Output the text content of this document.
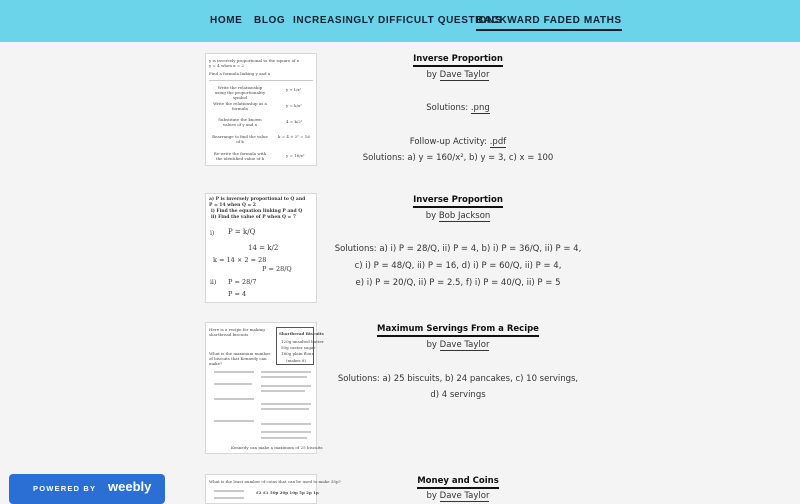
HOME BLOG INCREASINGLY DIFFICULT QUESTIONS
BACKWARD FADED MATHS
y is inversely proportional to the square of x
y = 4 when x = 2
Find a formula linking y and x
Write the relationship using the proportionality symbol
y ∝ 1/x²
Write the relationship as a formula
y = k/x²
Substitute the known values of y and x
4 = k/2²
Rearrange to find the value of k
k = 4 × 2² = 16
Re-write the formula with the identified value of k
y = 16/x²
Inverse Proportion
by Dave Taylor
Solutions: .png
Follow-up Activity: .pdf
Solutions: a) y = 160/x², b) y = 3, c) x = 100
a) P is inversely proportional to Q and
P = 14 when Q = 2
i) Find the equation linking P and Q
ii) Find the value of P when Q = 7
i) P = k/Q
14 = k/2
k = 14 × 2 = 28
P = 28/Q
ii) P = 28/7
P = 4
Inverse Proportion
by Bob Jackson
Solutions: a) i) P = 28/Q, ii) P = 4, b) i) P = 36/Q, ii) P = 4,
c) i) P = 48/Q, ii) P = 16, d) i) P = 60/Q, ii) P = 4,
e) i) P = 20/Q, ii) P = 2.5, f) i) P = 40/Q, ii) P = 5
Here is a recipe for making shortbread biscuits	Shortbread Biscuits
120g unsalted butter
50g caster sugar
180g plain flour
(makes 8)
What is the maximum number of biscuits that Kennedy can make?
Kennedy can make a maximum of 25 biscuits
Maximum Servings From a Recipe
by Dave Taylor
Solutions: a) 25 biscuits, b) 24 pancakes, c) 10 servings,
d) 4 servings
What is the least number of coins that can be used to make 35p?
£2 £1 50p 20p 10p 5p 2p 1p
Money and Coins
by Dave Taylor
POWERED BY weebly
